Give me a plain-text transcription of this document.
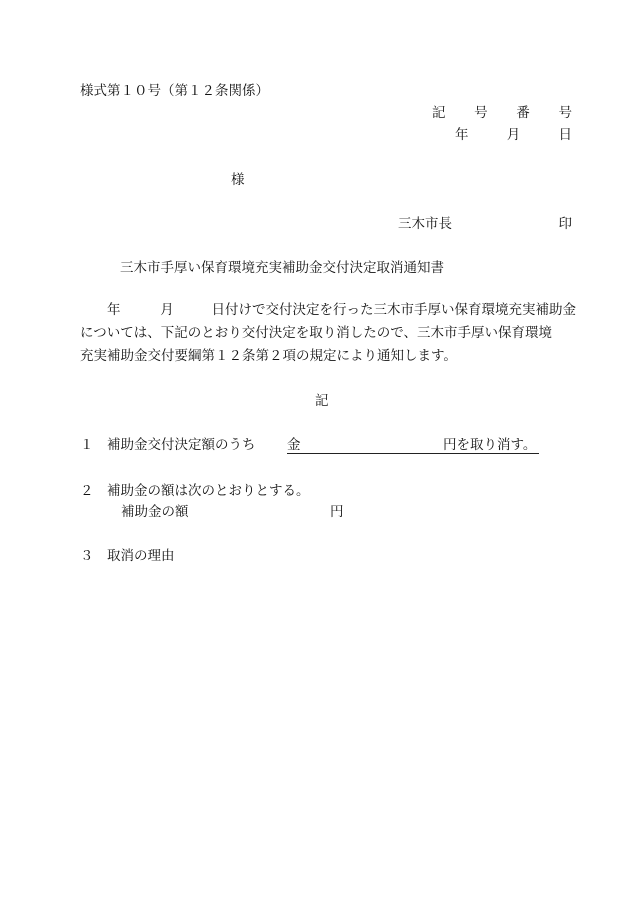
様式第１０号（第１２条関係）
記 号 番 号
年	月	日
様
三木市長	印
三木市手厚い保育環境充実補助金交付決定取消通知書
年	月	日付けで交付決定を行った三木市手厚い保育環境充実補助金
については、下記のとおり交付決定を取り消したので、三木市手厚い保育環境
充実補助金交付要綱第１２条第２項の規定により通知します。
記
１ 補助金交付決定額のうち 金	円を取り消す。
２ 補助金の額は次のとおりとする。
補助金の額	円
３ 取消の理由
